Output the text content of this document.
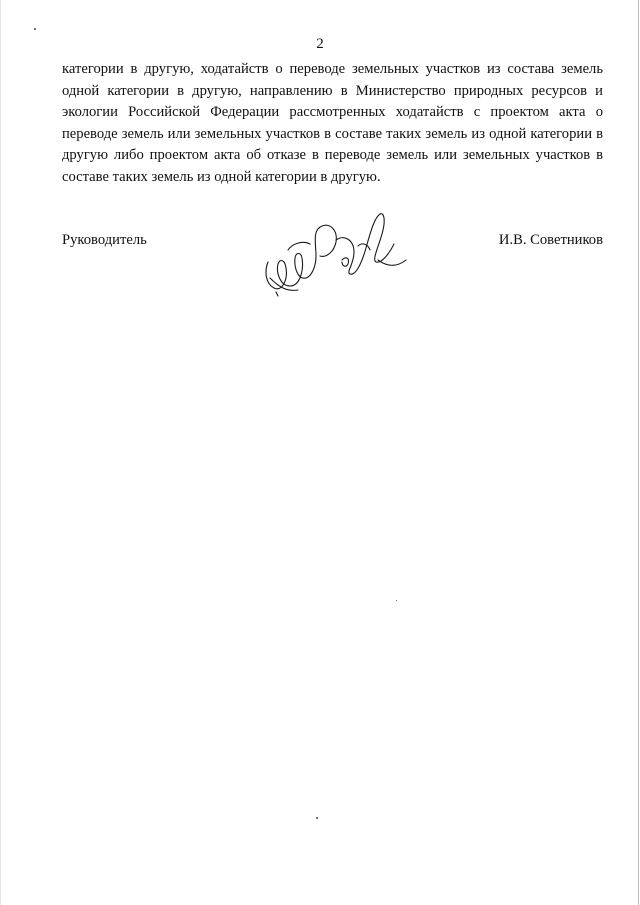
2

категории в другую, ходатайств о переводе земельных участков из состава земель одной категории в другую, направлению в Министерство природных ресурсов и экологии Российской Федерации рассмотренных ходатайств с проектом акта о переводе земель или земельных участков в составе таких земель из одной категории в другую либо проектом акта об отказе в переводе земель или земельных участков в составе таких земель из одной категории в другую.

Руководитель	И.В. Советников
